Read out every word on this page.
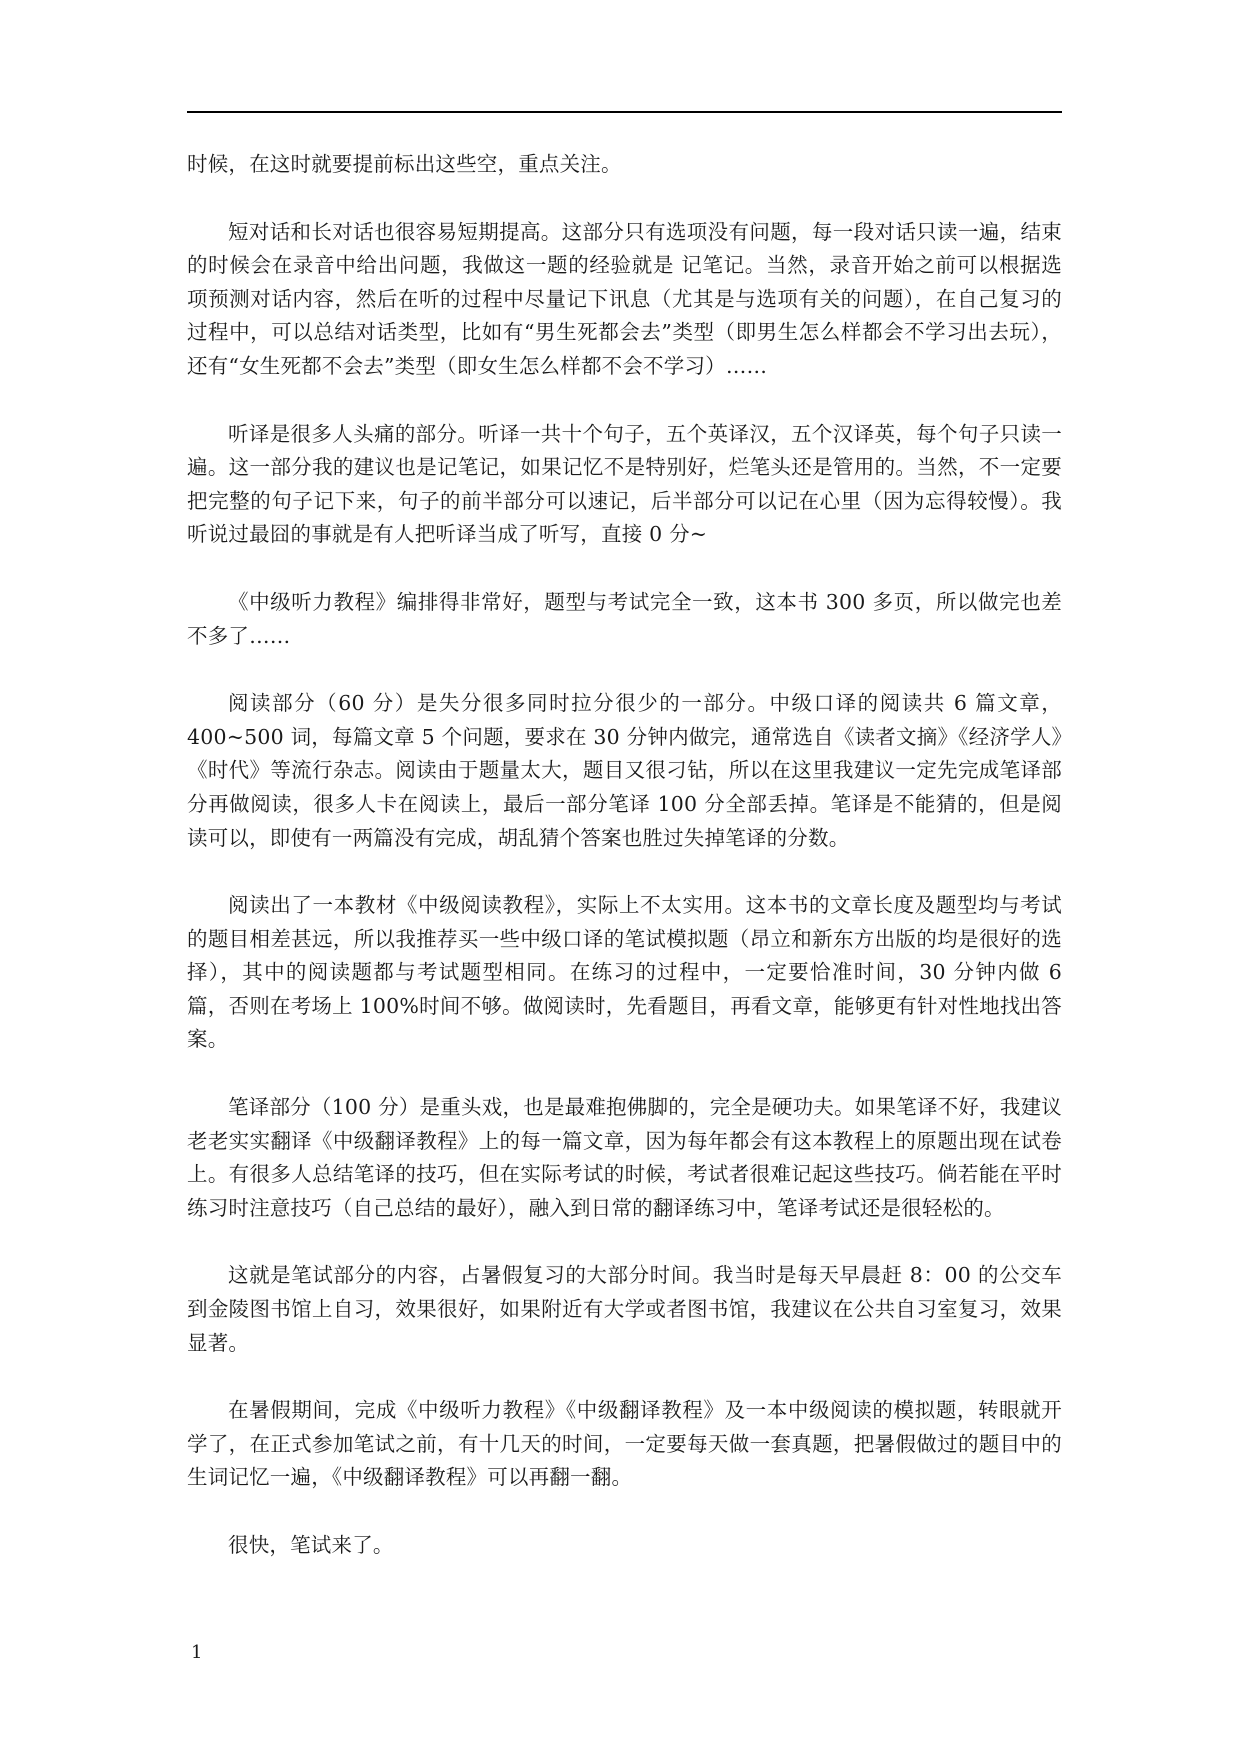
时候，在这时就要提前标出这些空，重点关注。

短对话和长对话也很容易短期提高。这部分只有选项没有问题，每一段对话只读一遍，结束的时候会在录音中给出问题，我做这一题的经验就是 记笔记。当然，录音开始之前可以根据选项预测对话内容，然后在听的过程中尽量记下讯息（尤其是与选项有关的问题），在自己复习的过程中，可以总结对话类型，比如有“男生死都会去”类型（即男生怎么样都会不学习出去玩），还有“女生死都不会去”类型（即女生怎么样都不会不学习）……

听译是很多人头痛的部分。听译一共十个句子，五个英译汉，五个汉译英，每个句子只读一遍。这一部分我的建议也是记笔记，如果记忆不是特别好，烂笔头还是管用的。当然，不一定要把完整的句子记下来，句子的前半部分可以速记，后半部分可以记在心里（因为忘得较慢）。我听说过最囧的事就是有人把听译当成了听写，直接 0 分~

《中级听力教程》编排得非常好，题型与考试完全一致，这本书 300 多页，所以做完也差不多了……

阅读部分（60 分）是失分很多同时拉分很少的一部分。中级口译的阅读共 6 篇文章，400~500 词，每篇文章 5 个问题，要求在 30 分钟内做完，通常选自《读者文摘》《经济学人》《时代》等流行杂志。阅读由于题量太大，题目又很刁钻，所以在这里我建议一定先完成笔译部分再做阅读，很多人卡在阅读上，最后一部分笔译 100 分全部丢掉。笔译是不能猜的，但是阅读可以，即使有一两篇没有完成，胡乱猜个答案也胜过失掉笔译的分数。

阅读出了一本教材《中级阅读教程》，实际上不太实用。这本书的文章长度及题型均与考试的题目相差甚远，所以我推荐买一些中级口译的笔试模拟题（昂立和新东方出版的均是很好的选择），其中的阅读题都与考试题型相同。在练习的过程中，一定要恰准时间，30 分钟内做 6 篇，否则在考场上 100%时间不够。做阅读时，先看题目，再看文章，能够更有针对性地找出答案。

笔译部分（100 分）是重头戏，也是最难抱佛脚的，完全是硬功夫。如果笔译不好，我建议老老实实翻译《中级翻译教程》上的每一篇文章，因为每年都会有这本教程上的原题出现在试卷上。有很多人总结笔译的技巧，但在实际考试的时候，考试者很难记起这些技巧。倘若能在平时练习时注意技巧（自己总结的最好），融入到日常的翻译练习中，笔译考试还是很轻松的。

这就是笔试部分的内容，占暑假复习的大部分时间。我当时是每天早晨赶 8：00 的公交车到金陵图书馆上自习，效果很好，如果附近有大学或者图书馆，我建议在公共自习室复习，效果显著。

在暑假期间，完成《中级听力教程》《中级翻译教程》及一本中级阅读的模拟题，转眼就开学了，在正式参加笔试之前，有十几天的时间，一定要每天做一套真题，把暑假做过的题目中的生词记忆一遍，《中级翻译教程》可以再翻一翻。

很快，笔试来了。

1
